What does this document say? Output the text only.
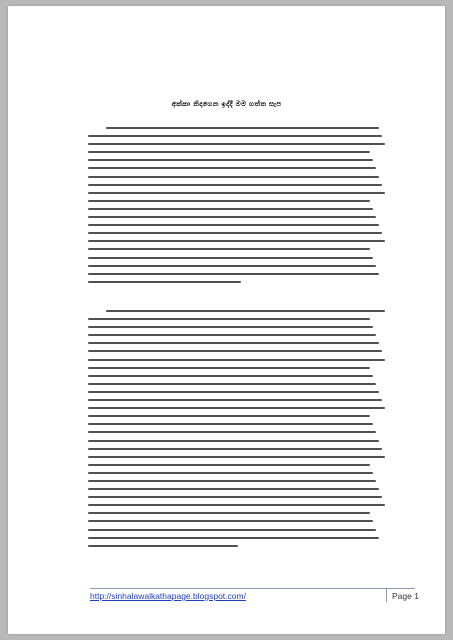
අක්කා නිදාගෙන ඉද්දී මම ගත්ත සැප
http://sinhalawalkathapage.blogspot.com/	Page 1
